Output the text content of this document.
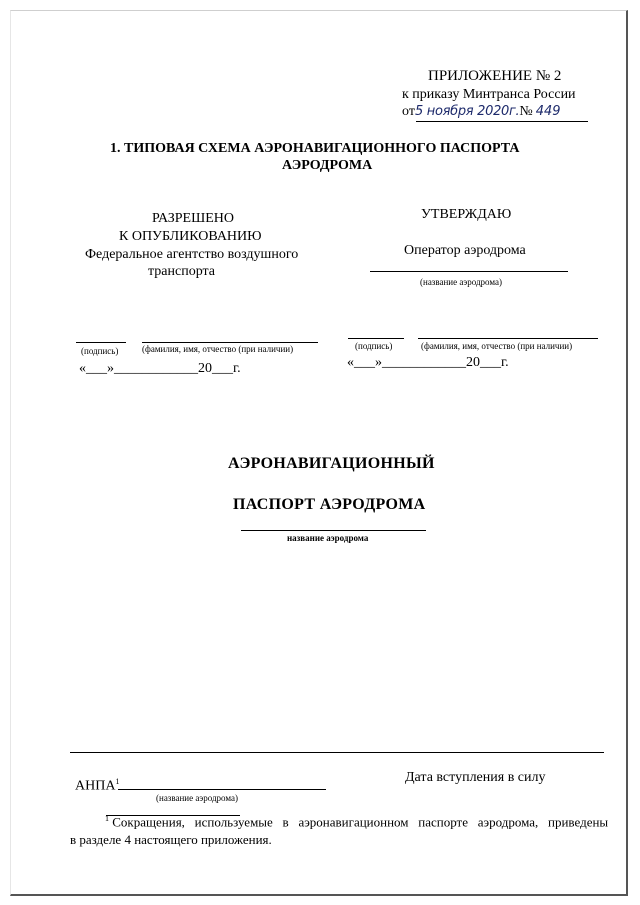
ПРИЛОЖЕНИЕ № 2
к приказу Минтранса России
от5 ноября 2020г.№ 449
1. ТИПОВАЯ СХЕМА АЭРОНАВИГАЦИОННОГО ПАСПОРТА
АЭРОДРОМА
РАЗРЕШЕНО
К ОПУБЛИКОВАНИЮ
Федеральное агентство воздушного
транспорта
УТВЕРЖДАЮ
Оператор аэродрома
(название аэродрома)
(подпись)	(фамилия, имя, отчество (при наличии)
«___»____________20___г.
(подпись)	(фамилия, имя, отчество (при наличии)
«___»____________20___г.
АЭРОНАВИГАЦИОННЫЙ
ПАСПОРТ АЭРОДРОМА
название аэродрома
АНПА$^1$
(название аэродрома)
Дата вступления в силу
$^1$ Сокращения,   используемые   в   аэронавигационном   паспорте   аэродрома,   приведены
в разделе 4 настоящего приложения.
